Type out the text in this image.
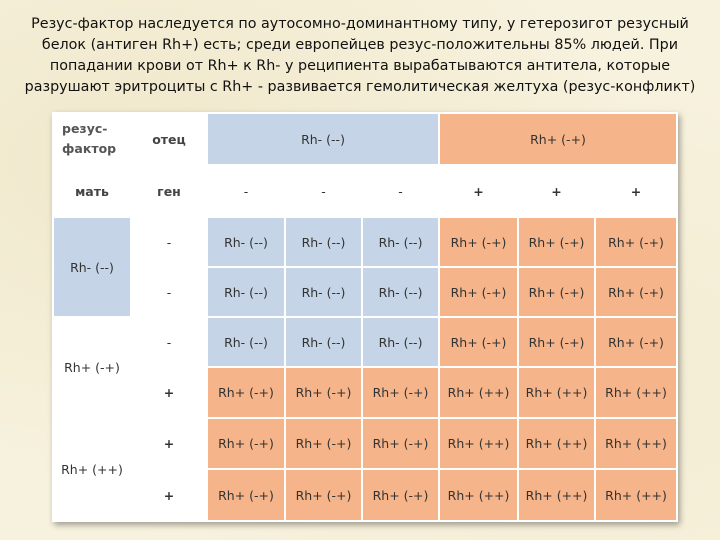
Резус-фактор наследуется по аутосомно-доминантному типу, у гетерозигот резусный
белок (антиген Rh+) есть; среди европейцев резус-положительны 85% людей. При
попадании крови от Rh+ к Rh- у реципиента вырабатываются антитела, которые
разрушают эритроциты с Rh+ - развивается гемолитическая желтуха (резус-конфликт)
резус-
фактор	отец	Rh- (--)			Rh+ (-+)		
мать	ген	-	-	-	+	+	+
Rh- (--)	-	Rh- (--)	Rh- (--)	Rh- (--)	Rh+ (-+)	Rh+ (-+)	Rh+ (-+)
	-	Rh- (--)	Rh- (--)	Rh- (--)	Rh+ (-+)	Rh+ (-+)	Rh+ (-+)
Rh+ (-+)	-	Rh- (--)	Rh- (--)	Rh- (--)	Rh+ (-+)	Rh+ (-+)	Rh+ (-+)
	+	Rh+ (-+)	Rh+ (-+)	Rh+ (-+)	Rh+ (++)	Rh+ (++)	Rh+ (++)
Rh+ (++)	+	Rh+ (-+)	Rh+ (-+)	Rh+ (-+)	Rh+ (++)	Rh+ (++)	Rh+ (++)
	+	Rh+ (-+)	Rh+ (-+)	Rh+ (-+)	Rh+ (++)	Rh+ (++)	Rh+ (++)
